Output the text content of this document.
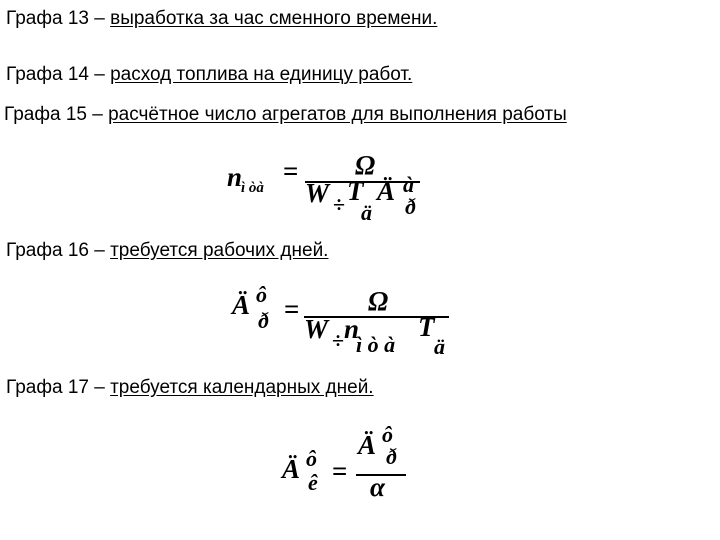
Графа 13 – выработка за час сменного времени.
Графа 14 – расход топлива на единицу работ.
Графа 15 – расчётное число агрегатов для выполнения работы
Графа 16 – требуется рабочих дней.
Графа 17 – требуется календарных дней.
n
ì òà
= Ω
W ÷ T
ä
Ä à
ð
Ä ô
ð =	Ω
W ÷ n
ì ò à
T
ä
Ä ô
ê =
Ä ô
ð
α
